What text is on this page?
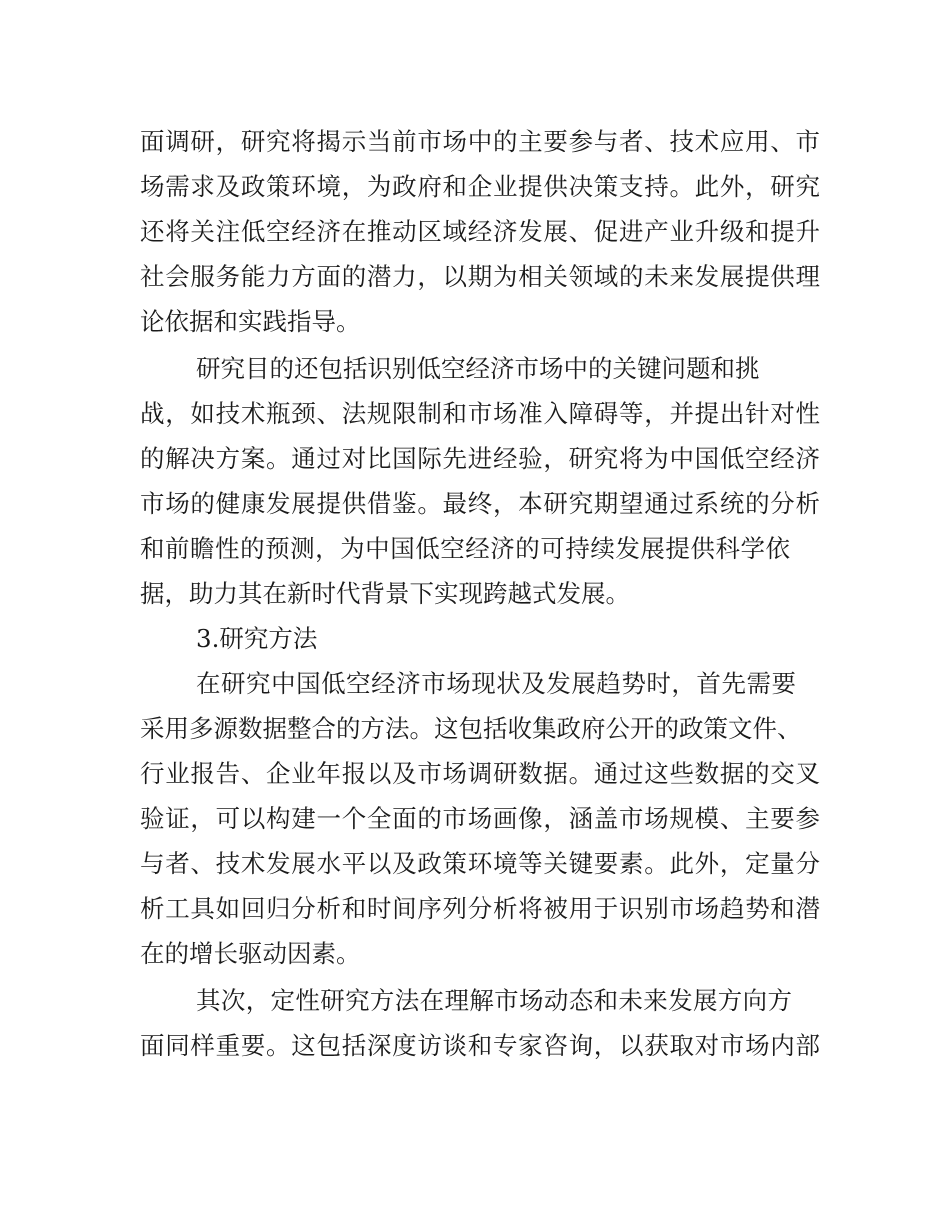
面调研，研究将揭示当前市场中的主要参与者、技术应用、市
场需求及政策环境，为政府和企业提供决策支持。此外，研究
还将关注低空经济在推动区域经济发展、促进产业升级和提升
社会服务能力方面的潜力，以期为相关领域的未来发展提供理
论依据和实践指导。
研究目的还包括识别低空经济市场中的关键问题和挑
战，如技术瓶颈、法规限制和市场准入障碍等，并提出针对性
的解决方案。通过对比国际先进经验，研究将为中国低空经济
市场的健康发展提供借鉴。最终，本研究期望通过系统的分析
和前瞻性的预测，为中国低空经济的可持续发展提供科学依
据，助力其在新时代背景下实现跨越式发展。
3.研究方法
在研究中国低空经济市场现状及发展趋势时，首先需要
采用多源数据整合的方法。这包括收集政府公开的政策文件、
行业报告、企业年报以及市场调研数据。通过这些数据的交叉
验证，可以构建一个全面的市场画像，涵盖市场规模、主要参
与者、技术发展水平以及政策环境等关键要素。此外，定量分
析工具如回归分析和时间序列分析将被用于识别市场趋势和潜
在的增长驱动因素。
其次，定性研究方法在理解市场动态和未来发展方向方
面同样重要。这包括深度访谈和专家咨询，以获取对市场内部
